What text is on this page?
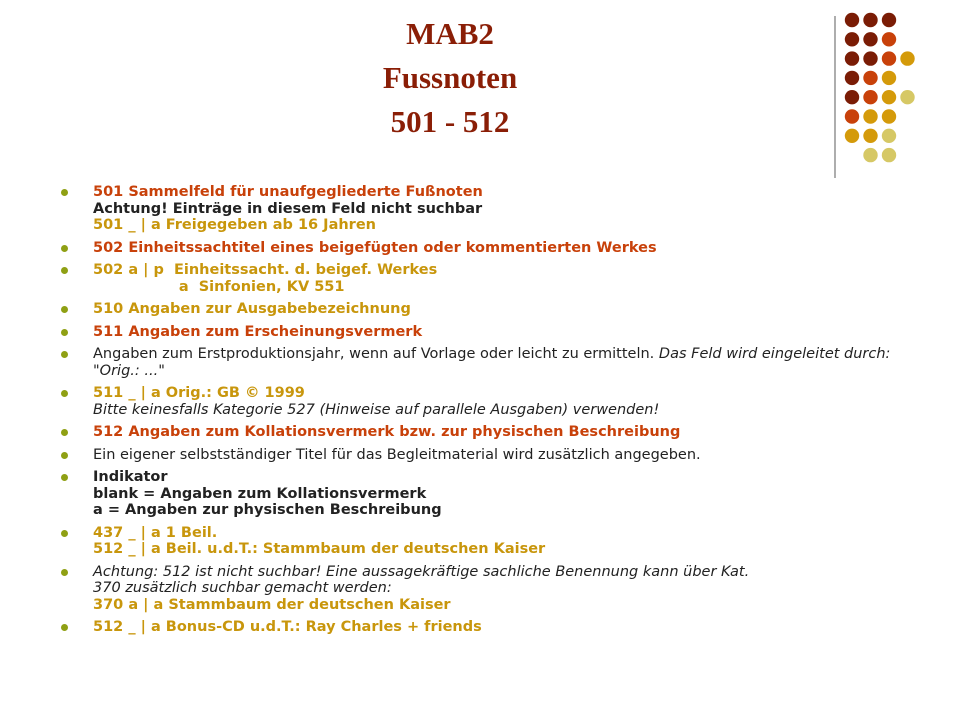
MAB2
Fussnoten
501 - 512
501 Sammelfeld für unaufgegliederte Fußnoten
Achtung! Einträge in diesem Feld nicht suchbar
501 _ | a Freigegeben ab 16 Jahren
502 Einheitssachtitel eines beigefügten oder kommentierten Werkes
502 a | p  Einheitssacht. d. beigef. Werkes
a  Sinfonien, KV 551
510 Angaben zur Ausgabebezeichnung
511 Angaben zum Erscheinungsvermerk
Angaben zum Erstproduktionsjahr, wenn auf Vorlage oder leicht zu ermitteln. Das Feld wird eingeleitet durch: "Orig.: ..."
511 _ | a Orig.: GB © 1999
Bitte keinesfalls Kategorie 527 (Hinweise auf parallele Ausgaben) verwenden!
512 Angaben zum Kollationsvermerk bzw. zur physischen Beschreibung
Ein eigener selbstständiger Titel für das Begleitmaterial wird zusätzlich angegeben.
Indikator
blank = Angaben zum Kollationsvermerk
a = Angaben zur physischen Beschreibung
437 _ | a 1 Beil.
512 _ | a Beil. u.d.T.: Stammbaum der deutschen Kaiser
Achtung: 512 ist nicht suchbar! Eine aussagekräftige sachliche Benennung kann über Kat.
370 zusätzlich suchbar gemacht werden:
370 a | a Stammbaum der deutschen Kaiser
512 _ | a Bonus-CD u.d.T.: Ray Charles + friends
